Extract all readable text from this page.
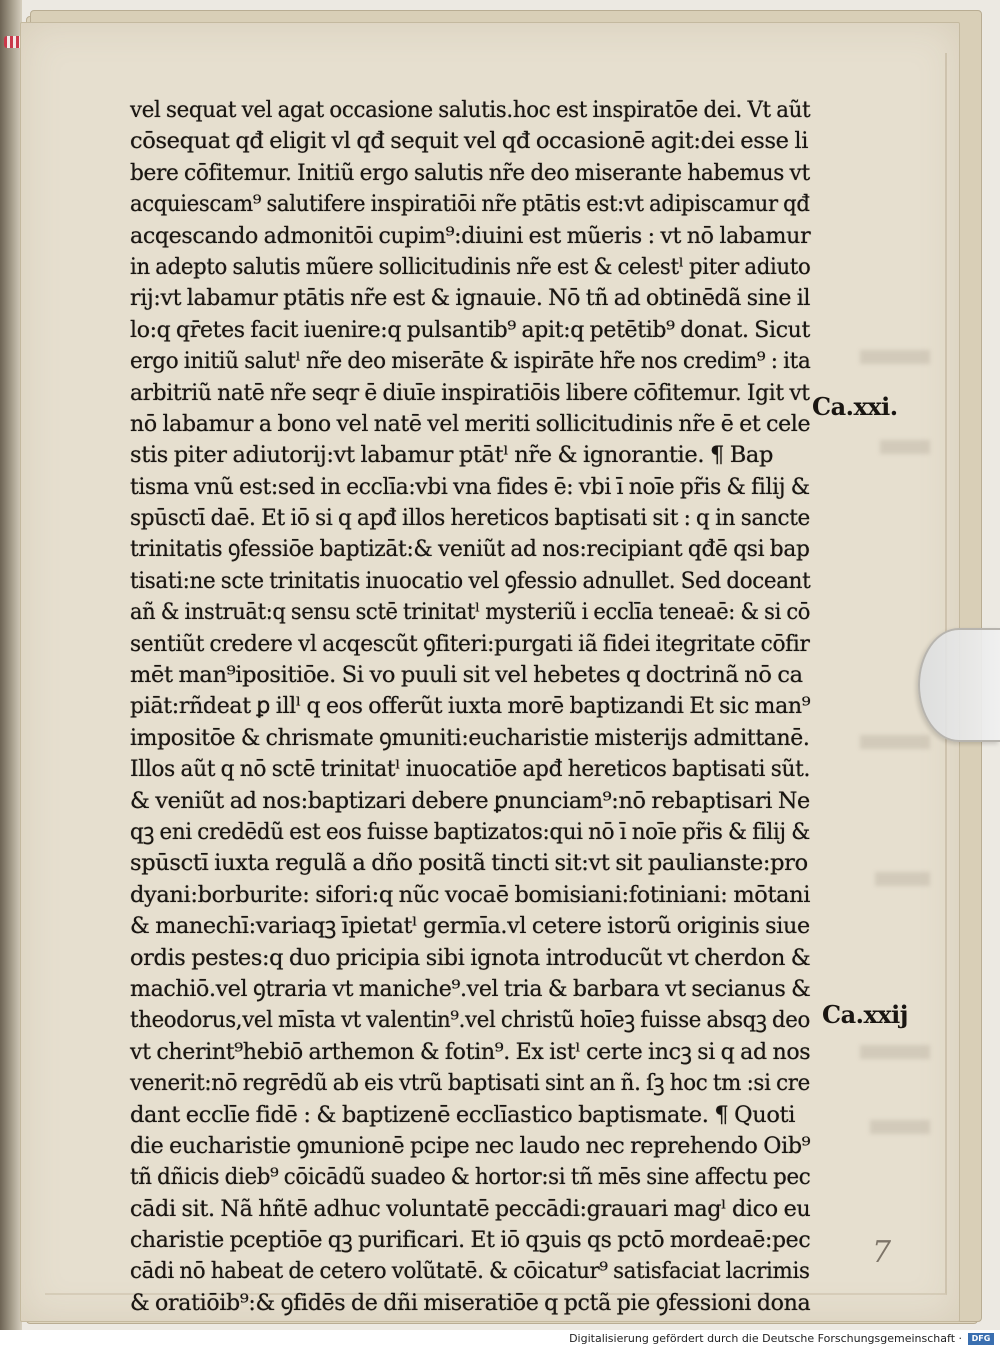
vel sequat vel agat occasione salutis.hoc est inspiratōe dei. Vt aũt
cōsequat qđ eligit vl qđ sequit vel qđ occasionē agit:dei esse li
bere cōfitemur. Initiũ ergo salutis nr̃e deo miserante habemus vt
acquiescam⁹ salutifere inspiratiōi nr̃e ptātis est:vt adipiscamur qđ
acqescando admonitōi cupim⁹:diuini est mũeris : vt nō labamur
in adepto salutis mũere sollicitudinis nr̃e est & celestˡ piter adiuto
rij:vt labamur ptātis nr̃e est & ignauie. Nō tñ ad obtinēdã sine il
lo:q qr̄etes facit iuenire:q pulsantib⁹ apit:q petētib⁹ donat. Sicut
ergo initiũ salutˡ nr̃e deo miserāte & ispirāte hr̃e nos credim⁹ : ita
arbitriũ natē nr̃e seqr ē diuīe inspiratiōis libere cōfitemur. Igit vt
nō labamur a bono vel natē vel meriti sollicitudinis nr̃e ē et cele
stis piter adiutorij:vt labamur ptātˡ nr̃e & ignorantie. ¶ Bap
tisma vnũ est:sed in ecclīa:vbi vna fides ē: vbi ī noīe pr̃is & filij &
spūsctī daē. Et iō si q apđ illos hereticos baptisati sit : q in sancte
trinitatis ꝯfessiōe baptizāt:& veniũt ad nos:recipiant qđē qsi bap
tisati:ne scte trinitatis inuocatio vel ꝯfessio adnullet. Sed doceant
añ & instruāt:q sensu sctē trinitatˡ mysteriũ i ecclīa teneaē: & si cō
sentiũt credere vl acqescũt ꝯfiteri:purgati iã fidei itegritate cōfir
mēt man⁹ipositiōe. Si vo puuli sit vel hebetes q doctrinã nō ca
piāt:rñdeat ꝑ illˡ q eos offerũt iuxta morē baptizandi Et sic man⁹
impositōe & chrismate ꝯmuniti:eucharistie misterijs admittanē.
Illos aũt q nō sctē trinitatˡ inuocatiōe apđ hereticos baptisati sũt.
& veniũt ad nos:baptizari debere ꝑnunciam⁹:nō rebaptisari Ne
qꝫ eni credēdũ est eos fuisse baptizatos:qui nō ī noīe pr̃is & filij &
spūsctī iuxta regulã a dño positã tincti sit:vt sit paulianste:pro
dyani:borburite: sifori:q nũc vocaē bomisiani:fotiniani: mōtani
& manechī:variaqꝫ īpietatˡ germīa.vl cetere istorũ originis siue
ordis pestes:q duo pricipia sibi ignota introducũt vt cherdon &
machiō.vel ꝯtraria vt maniche⁹.vel tria & barbara vt secianus &
theodorus,vel mīsta vt valentin⁹.vel christũ hoīeꝫ fuisse absqꝫ deo
vt cherint⁹hebiō arthemon & fotin⁹. Ex istˡ certe incꝫ si q ad nos
venerit:nō regrēdũ ab eis vtrũ baptisati sint an ñ. ſꝫ hoc tm :si cre
dant ecclīe fidē : & baptizenē ecclīastico baptismate. ¶ Quoti
die eucharistie ꝯmunionē pcipe nec laudo nec reprehendo Oib⁹
tñ dñicis dieb⁹ cōicādũ suadeo & hortor:si tñ mēs sine affectu pec
cādi sit. Nã hñtē adhuc voluntatē peccādi:grauari magˡ dico eu
charistie pceptiōe qꝫ purificari. Et iō qꝫuis qs pctō mordeaē:pec
cādi nō habeat de cetero volũtatē. & cōicatur⁹ satisfaciat lacrimis
& oratiōib⁹:& ꝯfidēs de dñi miseratiōe q pctã pie ꝯfessioni dona
Ca.xxi.
Ca.xxij
7
Digitalisierung gefördert durch die Deutsche Forschungsgemeinschaft ·	DFG
